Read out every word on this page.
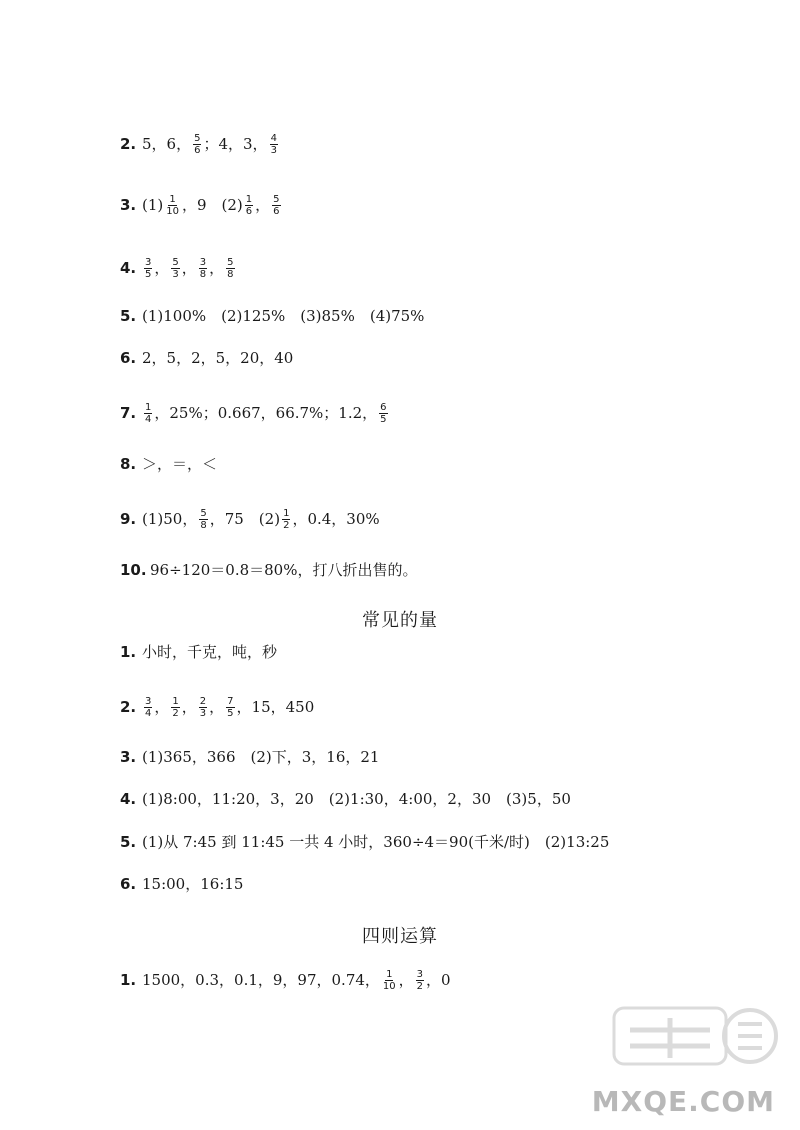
2. 5，6， $\frac{5}{6}$ ；4，3， $\frac{4}{3}$
3. $(1) \frac{1}{10}$ ，9　$(2) \frac{1}{6}$ ， $\frac{5}{6}$
4. $\frac{3}{5}$ ， $\frac{5}{3}$ ， $\frac{3}{8}$ ， $\frac{5}{8}$
5. (1)100%　(2)125%　(3)85%　(4)75%
6. 2，5，2，5，20，40
7. $\frac{1}{4}$ ，25%；0.667，66.7%；1.2， $\frac{6}{5}$
8. ＞，＝，＜
9. (1)50， $\frac{5}{8}$ ，75　$(2) \frac{1}{2}$ ，0.4，30%
10. 96÷120＝0.8＝80%，打八折出售的。
常见的量
1. 小时，千克，吨，秒
2. $\frac{3}{4}$ ， $\frac{1}{2}$ ， $\frac{2}{3}$ ， $\frac{7}{5}$ ，15，450
3. (1)365，366　(2)下，3，16，21
4. (1)8:00，11:20，3，20　(2)1:30，4:00，2，30　(3)5，50
5. (1)从 7:45 到 11:45 一共 4 小时，360÷4＝90(千米/时)　(2)13:25
6. 15:00，16:15
四则运算
1. 1500，0.3，0.1，9，97，0.74， $\frac{1}{10}$ ， $\frac{3}{2}$ ，0
MXQE.COM
